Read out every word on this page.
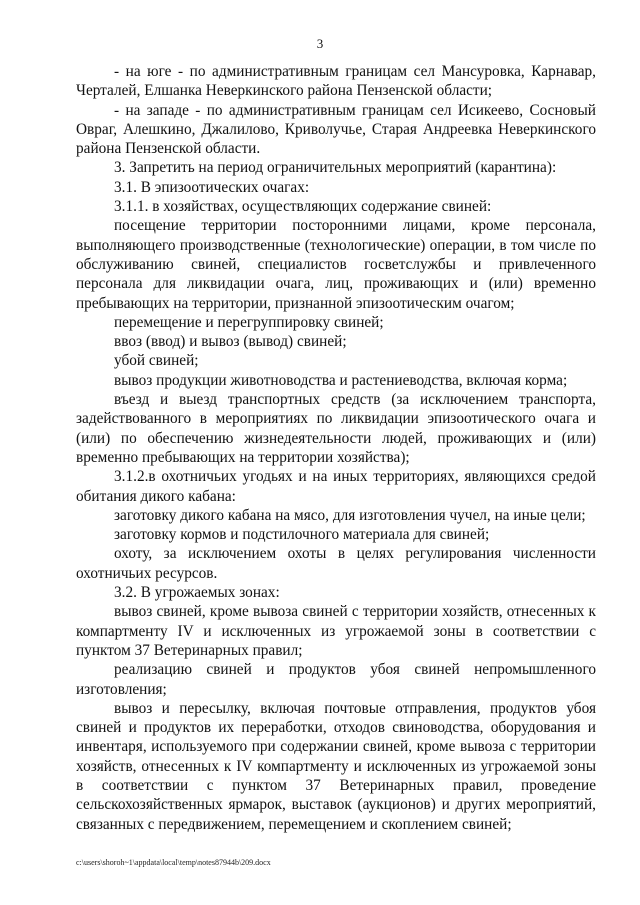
3

- на юге - по административным границам сел Мансуровка, Карнавар, Черталей, Елшанка Неверкинского района Пензенской области;

- на западе - по административным границам сел Исикеево, Сосновый Овраг, Алешкино, Джалилово, Криволучье, Старая Андреевка Неверкинского района Пензенской области.

3. Запретить на период ограничительных мероприятий (карантина):

3.1. В эпизоотических очагах:

3.1.1. в хозяйствах, осуществляющих содержание свиней:

посещение территории посторонними лицами, кроме персонала, выполняющего производственные (технологические) операции, в том числе по обслуживанию свиней, специалистов госветслужбы и привлеченного персонала для ликвидации очага, лиц, проживающих и (или) временно пребывающих на территории, признанной эпизоотическим очагом;

перемещение и перегруппировку свиней;

ввоз (ввод) и вывоз (вывод) свиней;

убой свиней;

вывоз продукции животноводства и растениеводства, включая корма;

въезд и выезд транспортных средств (за исключением транспорта, задействованного в мероприятиях по ликвидации эпизоотического очага и (или) по обеспечению жизнедеятельности людей, проживающих и (или) временно пребывающих на территории хозяйства);

3.1.2.в охотничьих угодьях и на иных территориях, являющихся средой обитания дикого кабана:

заготовку дикого кабана на мясо, для изготовления чучел, на иные цели;

заготовку кормов и подстилочного материала для свиней;

охоту, за исключением охоты в целях регулирования численности охотничьих ресурсов.

3.2. В угрожаемых зонах:

вывоз свиней, кроме вывоза свиней с территории хозяйств, отнесенных к компартменту IV и исключенных из угрожаемой зоны в соответствии с пунктом 37 Ветеринарных правил;

реализацию свиней и продуктов убоя свиней непромышленного изготовления;

вывоз и пересылку, включая почтовые отправления, продуктов убоя свиней и продуктов их переработки, отходов свиноводства, оборудования и инвентаря, используемого при содержании свиней, кроме вывоза с территории хозяйств, отнесенных к IV компартменту и исключенных из угрожаемой зоны в соответствии с пунктом 37 Ветеринарных правил, проведение сельскохозяйственных ярмарок, выставок (аукционов) и других мероприятий, связанных с передвижением, перемещением и скоплением свиней;

c:\users\shoroh~1\appdata\local\temp\notes87944b\209.docx
